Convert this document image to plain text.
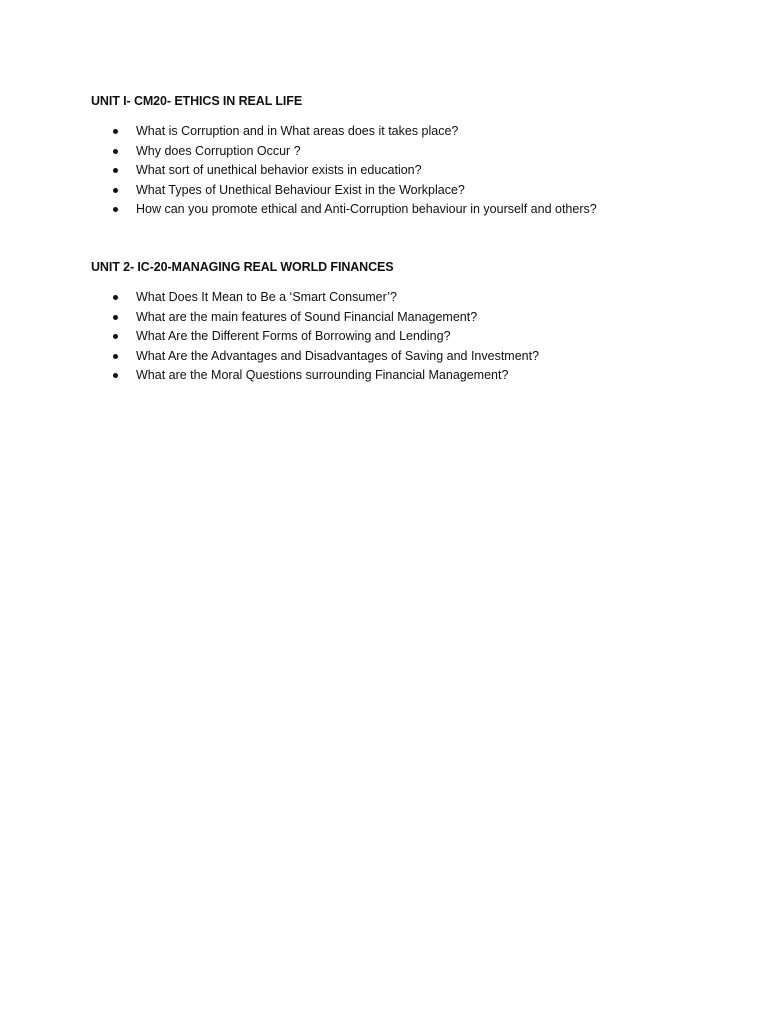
UNIT I- CM20- ETHICS IN REAL LIFE
What is Corruption and in What areas does it takes place?
Why does Corruption Occur ?
What sort of unethical behavior exists in education?
What Types of Unethical Behaviour Exist in the Workplace?
How can you promote ethical and Anti-Corruption behaviour in yourself and others?
UNIT 2- IC-20-MANAGING REAL WORLD FINANCES
What Does It Mean to Be a ‘Smart Consumer’?
What are the main features of Sound Financial Management?
What Are the Different Forms of Borrowing and Lending?
What Are the Advantages and Disadvantages of Saving and Investment?
What are the Moral Questions surrounding Financial Management?
